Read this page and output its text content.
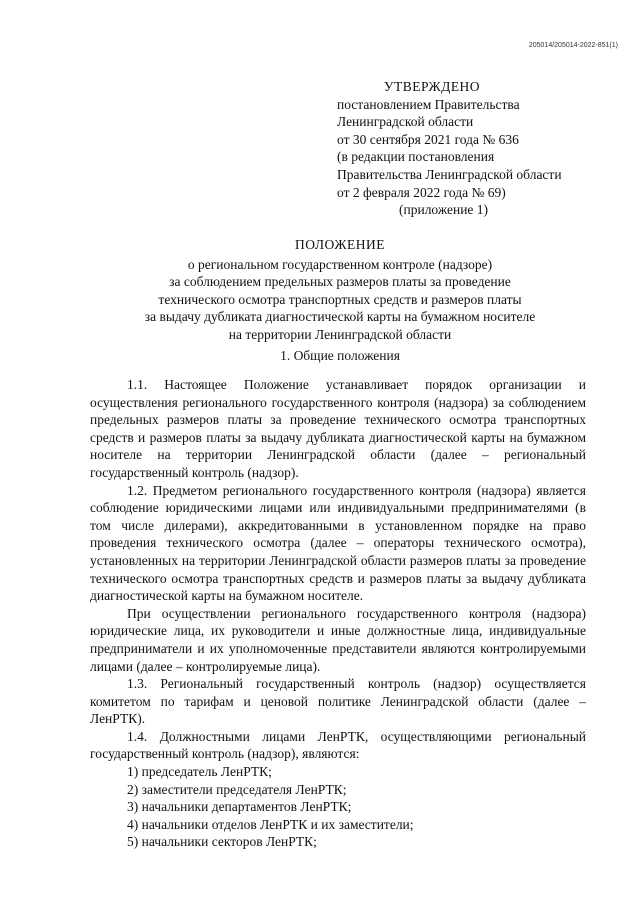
205014/205014-2022-851(1)
УТВЕРЖДЕНО
постановлением Правительства
Ленинградской области
от 30 сентября 2021 года № 636
(в редакции постановления
Правительства Ленинградской области
от 2 февраля 2022 года № 69)
(приложение 1)
ПОЛОЖЕНИЕ
о региональном государственном контроле (надзоре)
за соблюдением предельных размеров платы за проведение
технического осмотра транспортных средств и размеров платы
за выдачу дубликата диагностической карты на бумажном носителе
на территории Ленинградской области
1. Общие положения

1.1. Настоящее Положение устанавливает порядок организации и осуществления регионального государственного контроля (надзора) за соблюдением предельных размеров платы за проведение технического осмотра транспортных средств и размеров платы за выдачу дубликата диагностической карты на бумажном носителе на территории Ленинградской области (далее – региональный государственный контроль (надзор).

1.2. Предметом регионального государственного контроля (надзора) является соблюдение юридическими лицами или индивидуальными предпринимателями (в том числе дилерами), аккредитованными в установленном порядке на право проведения технического осмотра (далее – операторы технического осмотра), установленных на территории Ленинградской области размеров платы за проведение технического осмотра транспортных средств и размеров платы за выдачу дубликата диагностической карты на бумажном носителе.

При осуществлении регионального государственного контроля (надзора) юридические лица, их руководители и иные должностные лица, индивидуальные предприниматели и их уполномоченные представители являются контролируемыми лицами (далее – контролируемые лица).

1.3. Региональный государственный контроль (надзор) осуществляется комитетом по тарифам и ценовой политике Ленинградской области (далее – ЛенРТК).

1.4. Должностными лицами ЛенРТК, осуществляющими региональный государственный контроль (надзор), являются:

1) председатель ЛенРТК;

2) заместители председателя ЛенРТК;

3) начальники департаментов ЛенРТК;

4) начальники отделов ЛенРТК и их заместители;

5) начальники секторов ЛенРТК;
